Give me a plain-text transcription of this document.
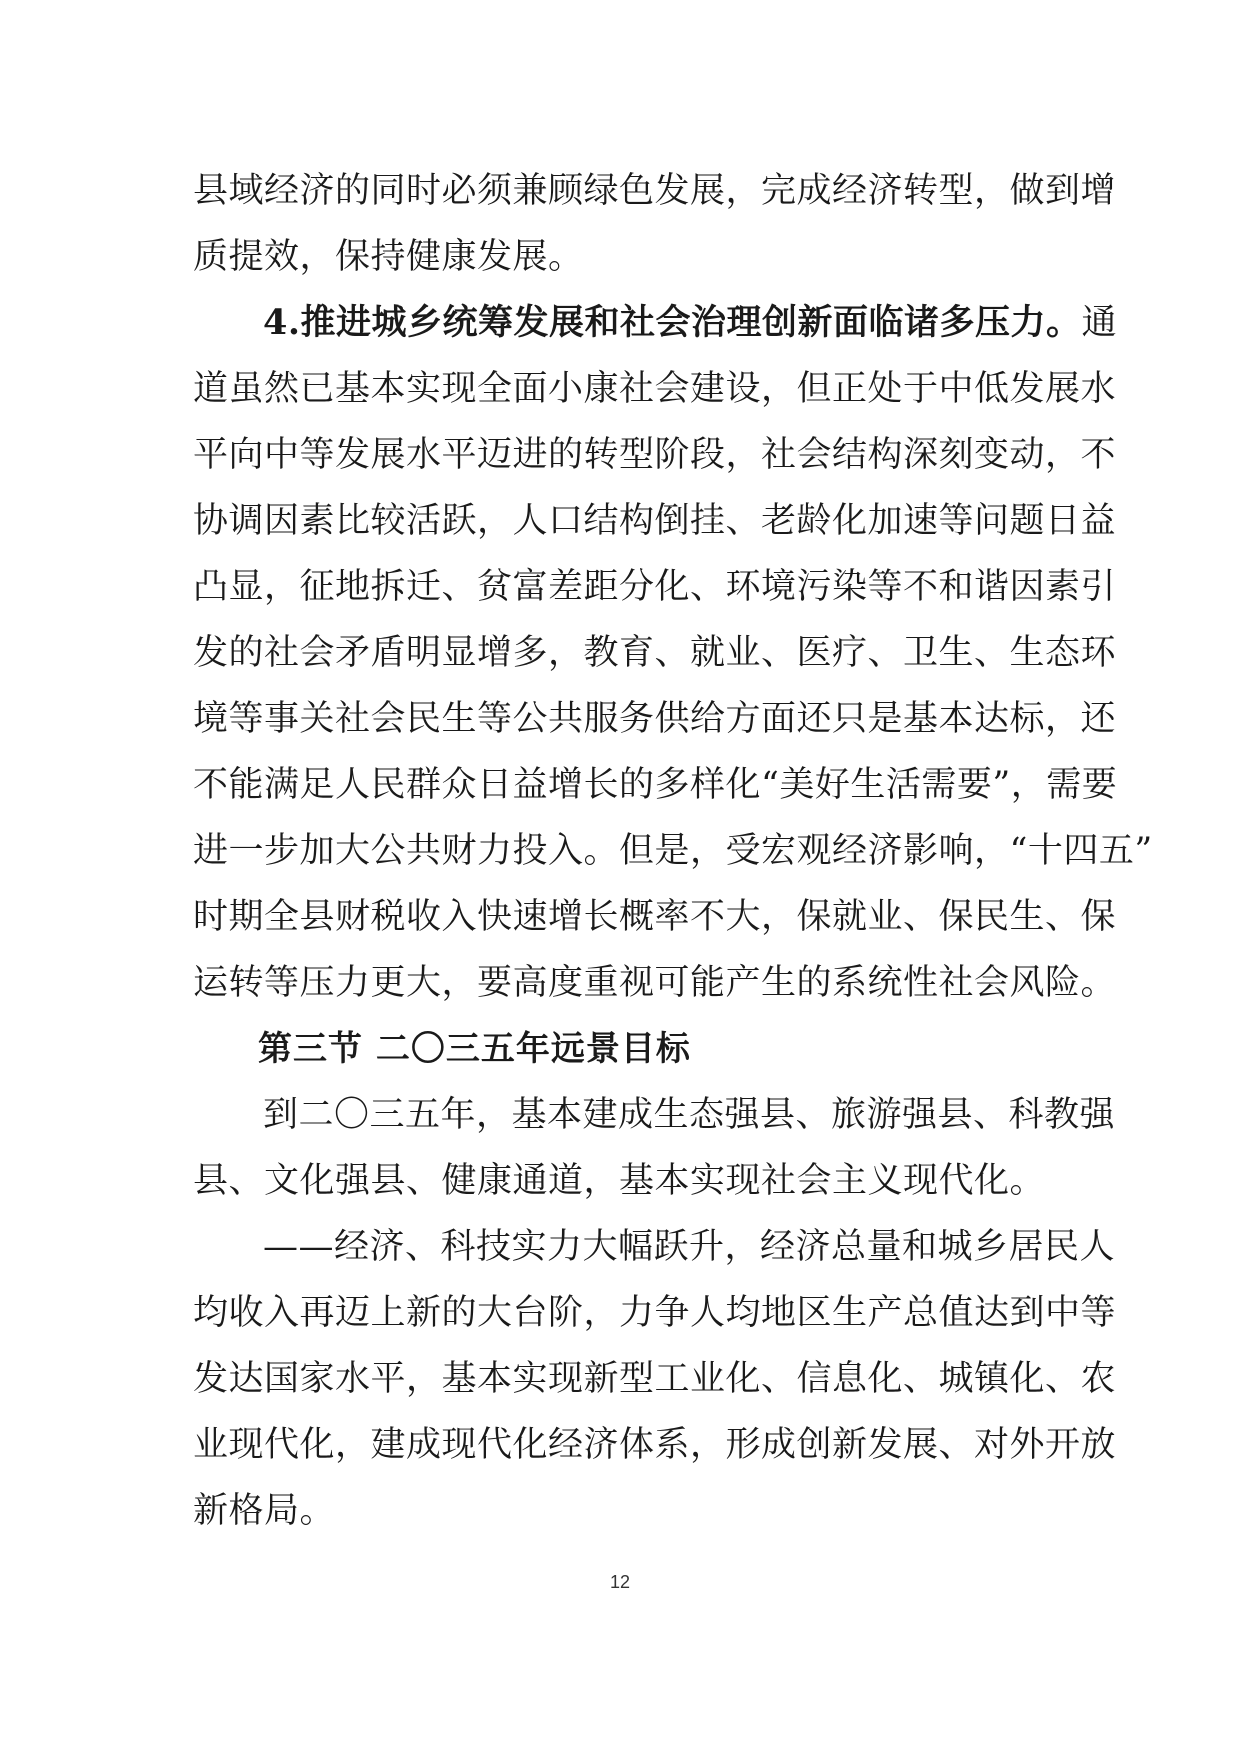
县域经济的同时必须兼顾绿色发展，完成经济转型，做到增
质提效，保持健康发展。
4.推进城乡统筹发展和社会治理创新面临诸多压力。通
道虽然已基本实现全面小康社会建设，但正处于中低发展水
平向中等发展水平迈进的转型阶段，社会结构深刻变动，不
协调因素比较活跃，人口结构倒挂、老龄化加速等问题日益
凸显，征地拆迁、贫富差距分化、环境污染等不和谐因素引
发的社会矛盾明显增多，教育、就业、医疗、卫生、生态环
境等事关社会民生等公共服务供给方面还只是基本达标，还
不能满足人民群众日益增长的多样化“美好生活需要”，需要
进一步加大公共财力投入。但是，受宏观经济影响，“十四五”
时期全县财税收入快速增长概率不大，保就业、保民生、保
运转等压力更大，要高度重视可能产生的系统性社会风险。
第三节 二〇三五年远景目标
到二〇三五年，基本建成生态强县、旅游强县、科教强
县、文化强县、健康通道，基本实现社会主义现代化。
——经济、科技实力大幅跃升，经济总量和城乡居民人
均收入再迈上新的大台阶，力争人均地区生产总值达到中等
发达国家水平，基本实现新型工业化、信息化、城镇化、农
业现代化，建成现代化经济体系，形成创新发展、对外开放
新格局。
12
